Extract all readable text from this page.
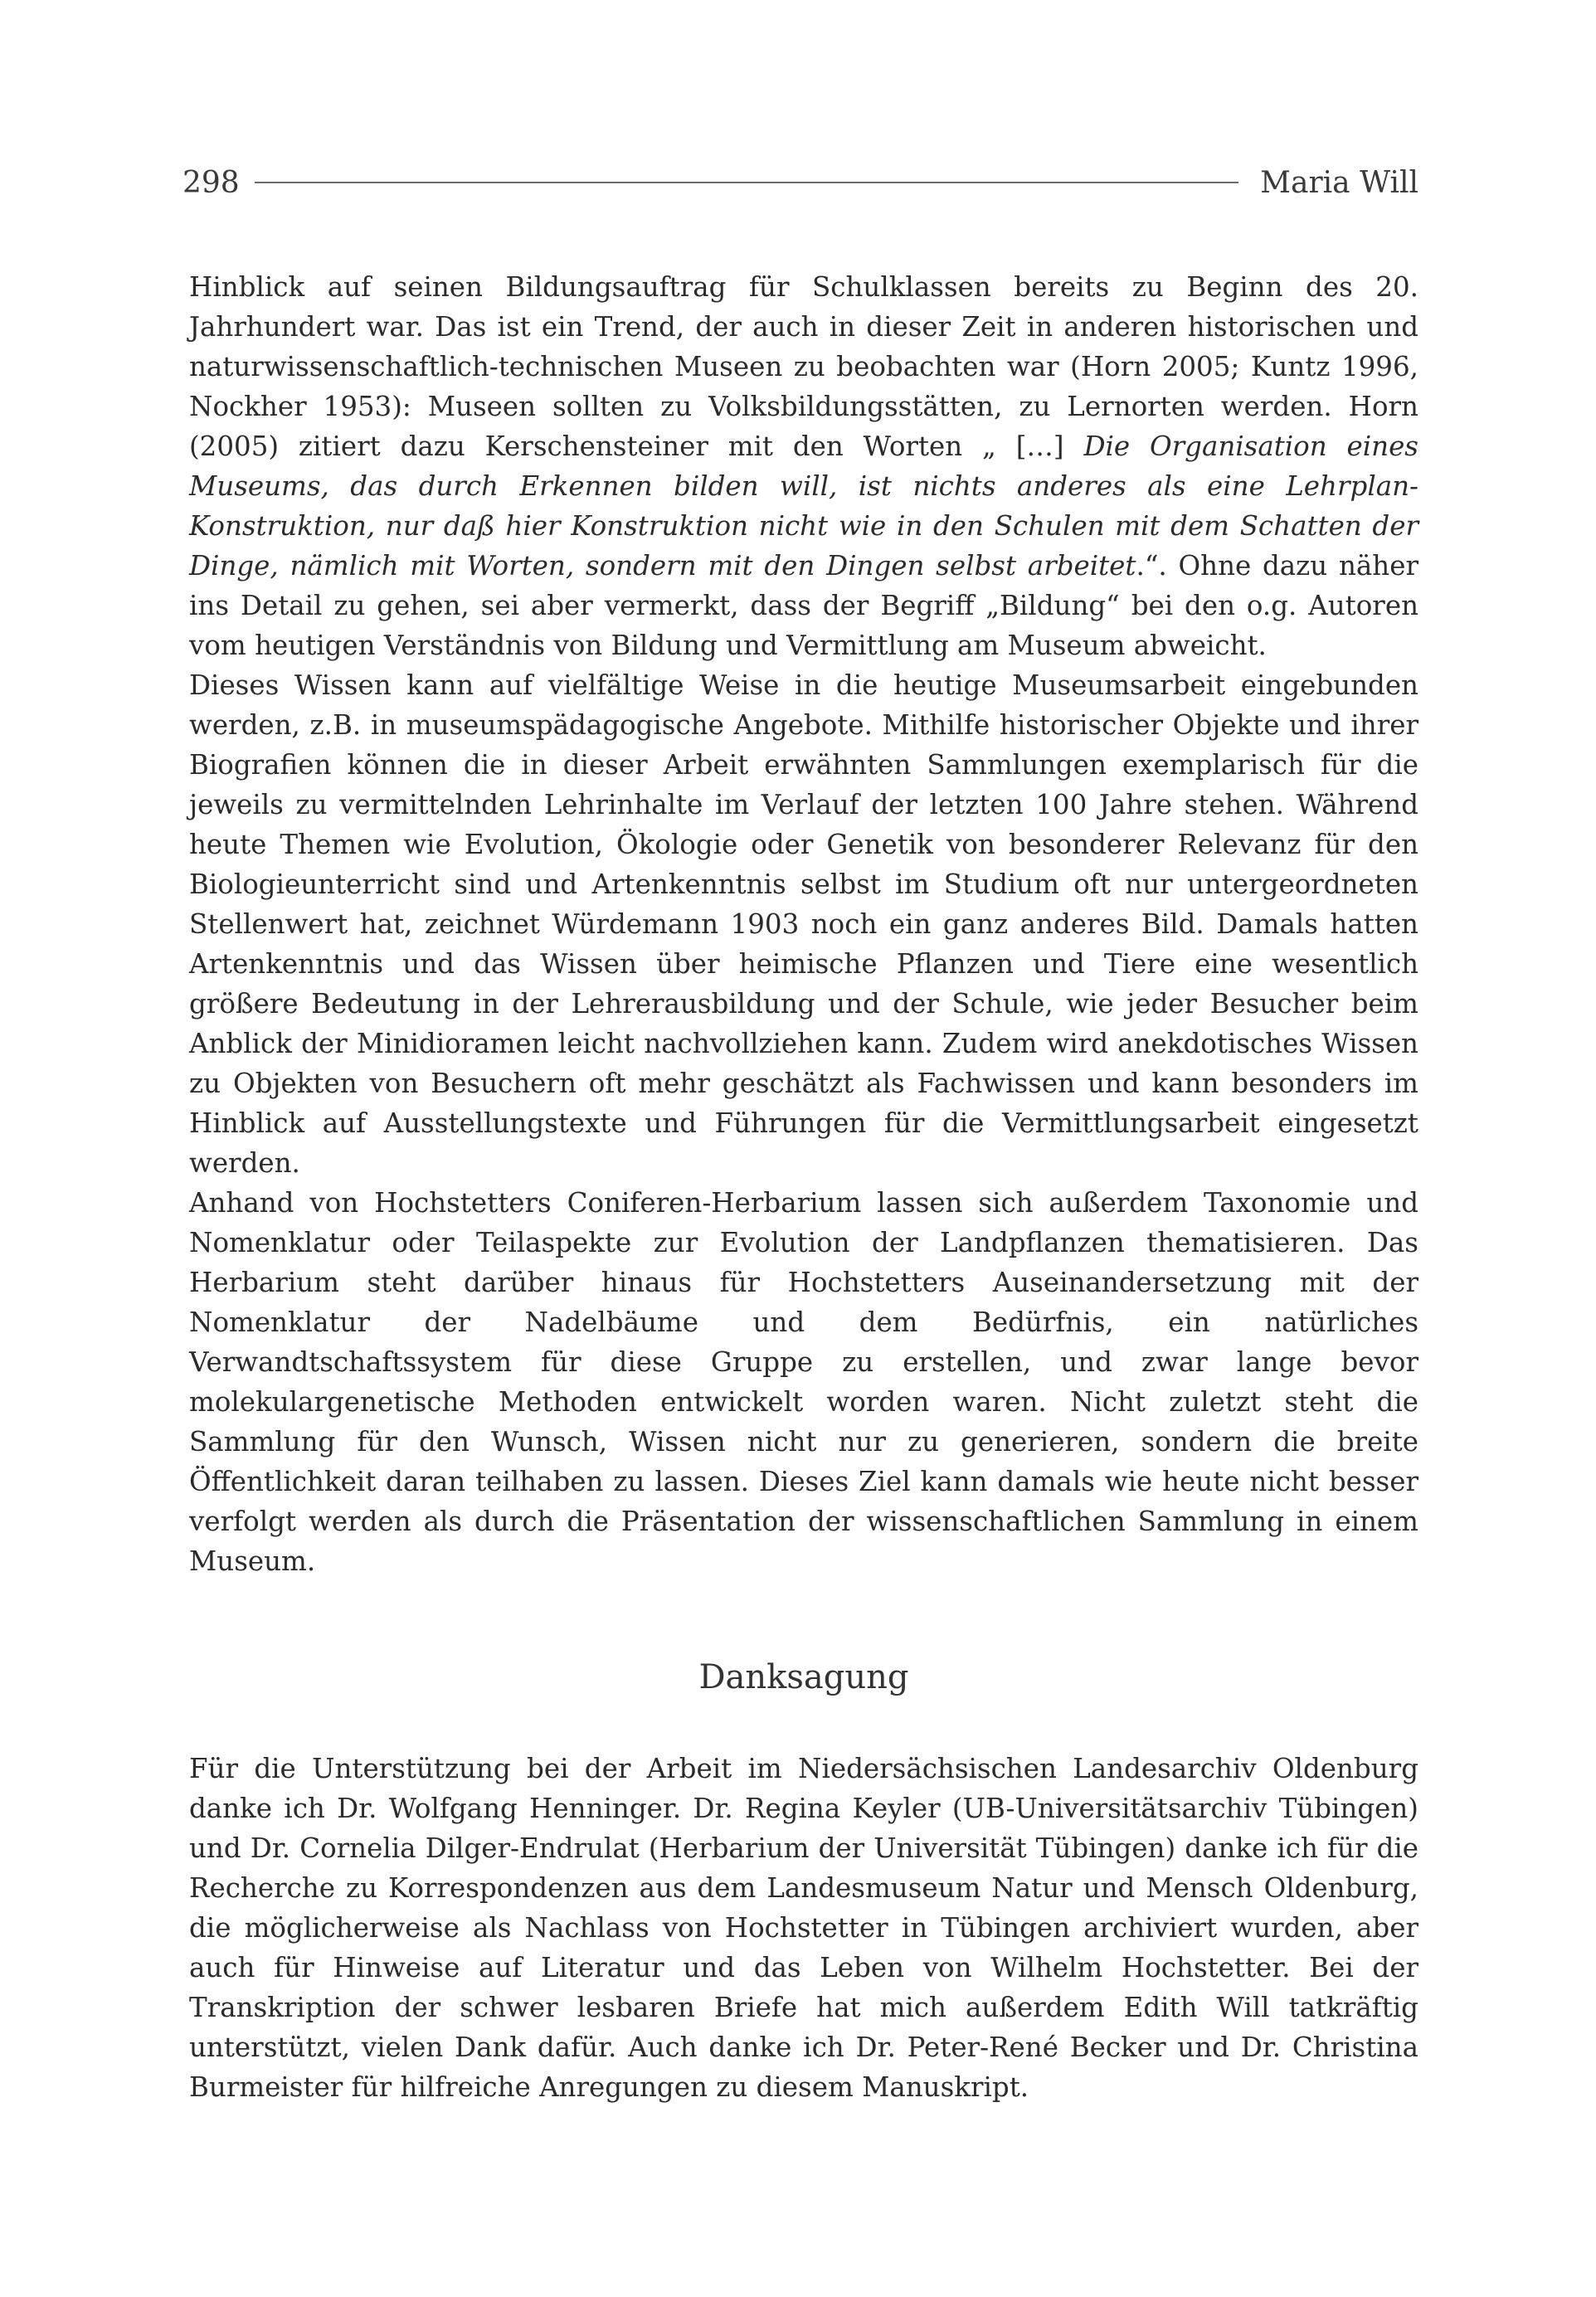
298	Maria Will

Hinblick auf seinen Bildungsauftrag für Schulklassen bereits zu Beginn des 20. Jahrhundert war. Das ist ein Trend, der auch in dieser Zeit in anderen historischen und naturwissenschaftlich-technischen Museen zu beobachten war (Horn 2005; Kuntz 1996, Nockher 1953): Museen sollten zu Volksbildungsstätten, zu Lernorten werden. Horn (2005) zitiert dazu Kerschensteiner mit den Worten „ […] Die Organisation eines Museums, das durch Erkennen bilden will, ist nichts anderes als eine Lehrplan-Konstruktion, nur daß hier Konstruktion nicht wie in den Schulen mit dem Schatten der Dinge, nämlich mit Worten, sondern mit den Dingen selbst arbeitet.“. Ohne dazu näher ins Detail zu gehen, sei aber vermerkt, dass der Begriff „Bildung“ bei den o.g. Autoren vom heutigen Verständnis von Bildung und Vermittlung am Museum abweicht.

Dieses Wissen kann auf vielfältige Weise in die heutige Museumsarbeit eingebunden werden, z.B. in museumspädagogische Angebote. Mithilfe historischer Objekte und ihrer Biografien können die in dieser Arbeit erwähnten Sammlungen exemplarisch für die jeweils zu vermittelnden Lehrinhalte im Verlauf der letzten 100 Jahre stehen. Während heute Themen wie Evolution, Ökologie oder Genetik von besonderer Relevanz für den Biologieunterricht sind und Artenkenntnis selbst im Studium oft nur untergeordneten Stellenwert hat, zeichnet Würdemann 1903 noch ein ganz anderes Bild. Damals hatten Artenkenntnis und das Wissen über heimische Pflanzen und Tiere eine wesentlich größere Bedeutung in der Lehrerausbildung und der Schule, wie jeder Besucher beim Anblick der Minidioramen leicht nachvollziehen kann. Zudem wird anekdotisches Wissen zu Objekten von Besuchern oft mehr geschätzt als Fachwissen und kann besonders im Hinblick auf Ausstellungstexte und Führungen für die Vermittlungsarbeit eingesetzt werden.

Anhand von Hochstetters Coniferen-Herbarium lassen sich außerdem Taxonomie und Nomenklatur oder Teilaspekte zur Evolution der Landpflanzen thematisieren. Das Herbarium steht darüber hinaus für Hochstetters Auseinandersetzung mit der Nomenklatur der Nadelbäume und dem Bedürfnis, ein natürliches Verwandtschaftssystem für diese Gruppe zu erstellen, und zwar lange bevor molekulargenetische Methoden entwickelt worden waren. Nicht zuletzt steht die Sammlung für den Wunsch, Wissen nicht nur zu generieren, sondern die breite Öffentlichkeit daran teilhaben zu lassen. Dieses Ziel kann damals wie heute nicht besser verfolgt werden als durch die Präsentation der wissenschaftlichen Sammlung in einem Museum.

Danksagung

Für die Unterstützung bei der Arbeit im Niedersächsischen Landesarchiv Oldenburg danke ich Dr. Wolfgang Henninger. Dr. Regina Keyler (UB-Universitätsarchiv Tübingen) und Dr. Cornelia Dilger-Endrulat (Herbarium der Universität Tübingen) danke ich für die Recherche zu Korrespondenzen aus dem Landesmuseum Natur und Mensch Oldenburg, die möglicherweise als Nachlass von Hochstetter in Tübingen archiviert wurden, aber auch für Hinweise auf Literatur und das Leben von Wilhelm Hochstetter. Bei der Transkription der schwer lesbaren Briefe hat mich außerdem Edith Will tatkräftig unterstützt, vielen Dank dafür. Auch danke ich Dr. Peter-René Becker und Dr. Christina Burmeister für hilfreiche Anregungen zu diesem Manuskript.
